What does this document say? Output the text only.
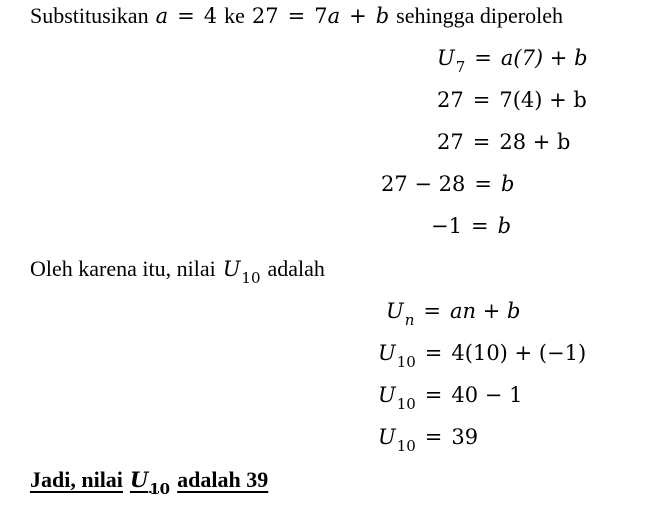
Substitusikan a = 4 ke 27 = 7a + b sehingga diperoleh
$U_7 = a(7) + b$
27 = 7(4) + b
27 = 28 + b
27 − 28 = b
−1 = b
Oleh karena itu, nilai $U_{10}$ adalah
$U_n$ = an + b
$U_{10} = 4(10) + (-1)$
$U_{10} = 40 - 1$
$U_{10} = 39$
Jadi, nilai $U_{10}$ adalah 39
